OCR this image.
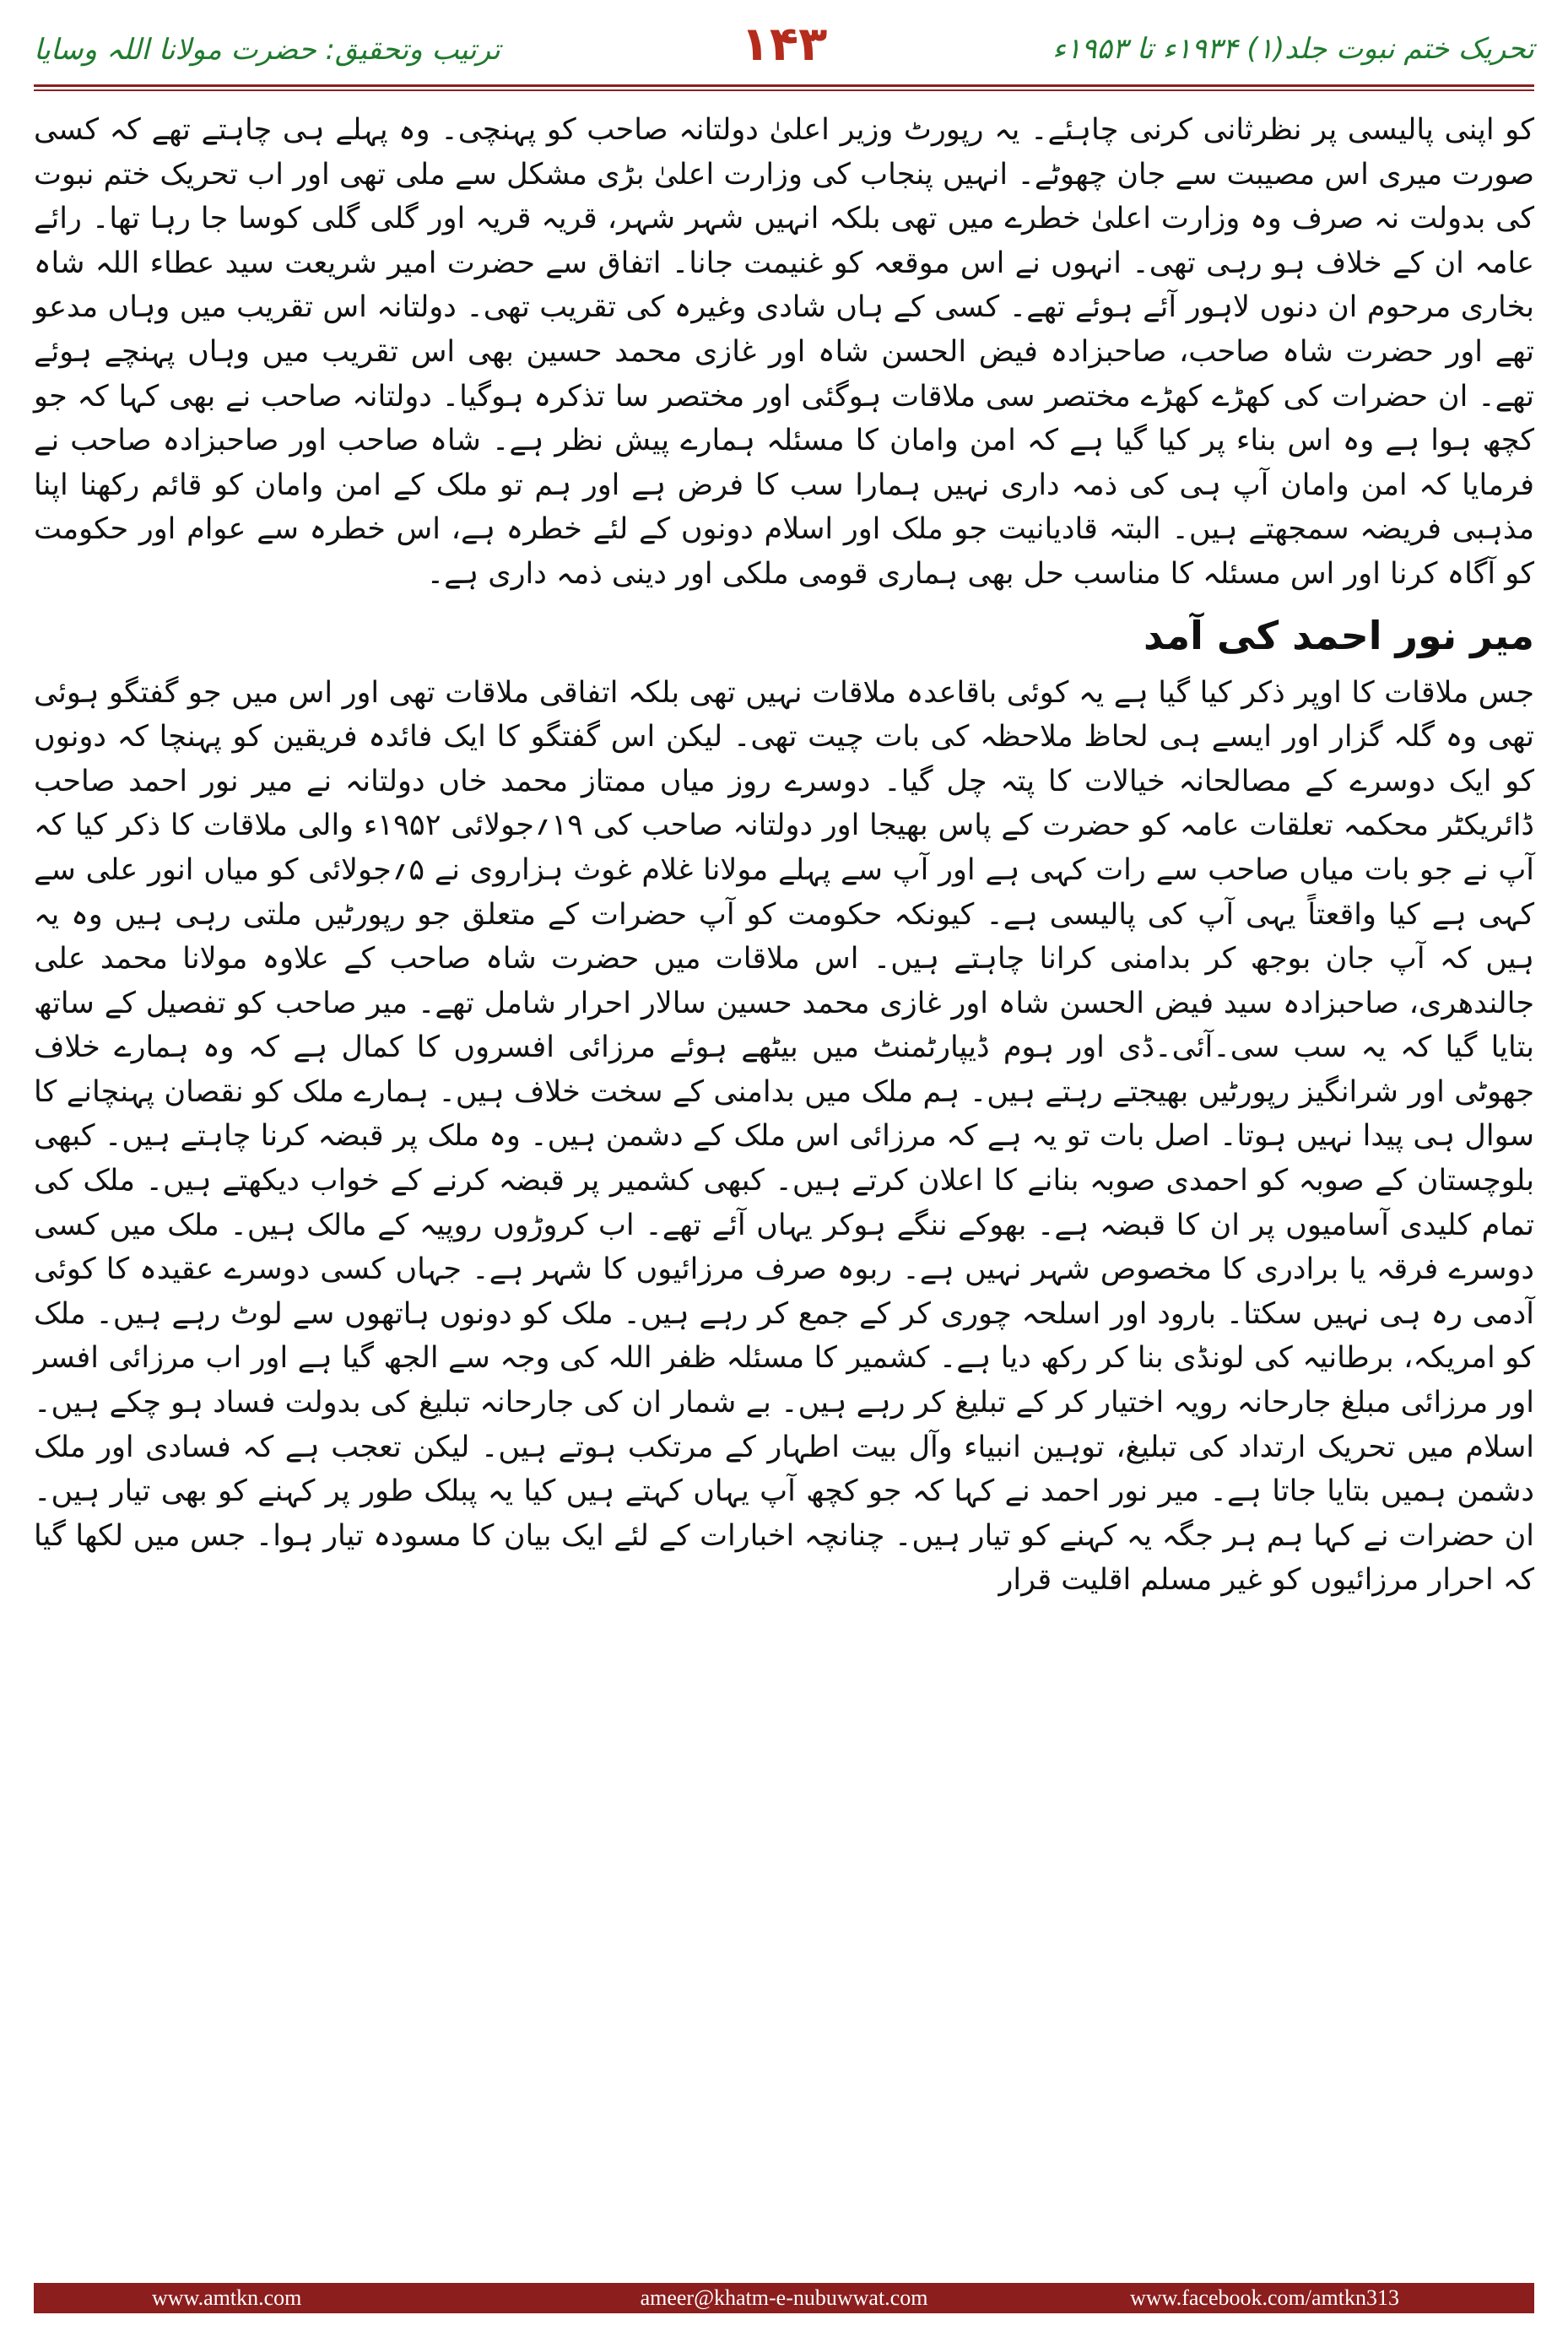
ترتیب وتحقیق: حضرت مولانا اللہ وسایا	۱۴۳	تحریک ختم نبوت جلد(۱) ۱۹۳۴ء تا ۱۹۵۳ء

کو اپنی پالیسی پر نظرثانی کرنی چاہئے۔ یہ رپورٹ وزیر اعلیٰ دولتانہ صاحب کو پہنچی۔ وہ پہلے ہی چاہتے تھے کہ کسی صورت میری اس مصیبت سے جان چھوٹے۔ انہیں پنجاب کی وزارت اعلیٰ بڑی مشکل سے ملی تھی اور اب تحریک ختم نبوت کی بدولت نہ صرف وہ وزارت اعلیٰ خطرے میں تھی بلکہ انہیں شہر شہر، قریہ قریہ اور گلی گلی کوسا جا رہا تھا۔ رائے عامہ ان کے خلاف ہو رہی تھی۔ انہوں نے اس موقعہ کو غنیمت جانا۔ اتفاق سے حضرت امیر شریعت سید عطاء اللہ شاہ بخاری مرحوم ان دنوں لاہور آئے ہوئے تھے۔ کسی کے ہاں شادی وغیرہ کی تقریب تھی۔ دولتانہ اس تقریب میں وہاں مدعو تھے اور حضرت شاہ صاحب، صاحبزادہ فیض الحسن شاہ اور غازی محمد حسین بھی اس تقریب میں وہاں پہنچے ہوئے تھے۔ ان حضرات کی کھڑے کھڑے مختصر سی ملاقات ہوگئی اور مختصر سا تذکرہ ہوگیا۔ دولتانہ صاحب نے بھی کہا کہ جو کچھ ہوا ہے وہ اس بناء پر کیا گیا ہے کہ امن وامان کا مسئلہ ہمارے پیش نظر ہے۔ شاہ صاحب اور صاحبزادہ صاحب نے فرمایا کہ امن وامان آپ ہی کی ذمہ داری نہیں ہمارا سب کا فرض ہے اور ہم تو ملک کے امن وامان کو قائم رکھنا اپنا مذہبی فریضہ سمجھتے ہیں۔ البتہ قادیانیت جو ملک اور اسلام دونوں کے لئے خطرہ ہے، اس خطرہ سے عوام اور حکومت کو آگاہ کرنا اور اس مسئلہ کا مناسب حل بھی ہماری قومی ملکی اور دینی ذمہ داری ہے۔

میر نور احمد کی آمد

جس ملاقات کا اوپر ذکر کیا گیا ہے یہ کوئی باقاعدہ ملاقات نہیں تھی بلکہ اتفاقی ملاقات تھی اور اس میں جو گفتگو ہوئی تھی وہ گلہ گزار اور ایسے ہی لحاظ ملاحظہ کی بات چیت تھی۔ لیکن اس گفتگو کا ایک فائدہ فریقین کو پہنچا کہ دونوں کو ایک دوسرے کے مصالحانہ خیالات کا پتہ چل گیا۔ دوسرے روز میاں ممتاز محمد خاں دولتانہ نے میر نور احمد صاحب ڈائریکٹر محکمہ تعلقات عامہ کو حضرت کے پاس بھیجا اور دولتانہ صاحب کی ۱۹؍جولائی ۱۹۵۲ء والی ملاقات کا ذکر کیا کہ آپ نے جو بات میاں صاحب سے رات کہی ہے اور آپ سے پہلے مولانا غلام غوث ہزاروی نے ۵؍جولائی کو میاں انور علی سے کہی ہے کیا واقعتاً یہی آپ کی پالیسی ہے۔ کیونکہ حکومت کو آپ حضرات کے متعلق جو رپورٹیں ملتی رہی ہیں وہ یہ ہیں کہ آپ جان بوجھ کر بدامنی کرانا چاہتے ہیں۔ اس ملاقات میں حضرت شاہ صاحب کے علاوہ مولانا محمد علی جالندھری، صاحبزادہ سید فیض الحسن شاہ اور غازی محمد حسین سالار احرار شامل تھے۔ میر صاحب کو تفصیل کے ساتھ بتایا گیا کہ یہ سب سی۔آئی۔ڈی اور ہوم ڈیپارٹمنٹ میں بیٹھے ہوئے مرزائی افسروں کا کمال ہے کہ وہ ہمارے خلاف جھوٹی اور شرانگیز رپورٹیں بھیجتے رہتے ہیں۔ ہم ملک میں بدامنی کے سخت خلاف ہیں۔ ہمارے ملک کو نقصان پہنچانے کا سوال ہی پیدا نہیں ہوتا۔ اصل بات تو یہ ہے کہ مرزائی اس ملک کے دشمن ہیں۔ وہ ملک پر قبضہ کرنا چاہتے ہیں۔ کبھی بلوچستان کے صوبہ کو احمدی صوبہ بنانے کا اعلان کرتے ہیں۔ کبھی کشمیر پر قبضہ کرنے کے خواب دیکھتے ہیں۔ ملک کی تمام کلیدی آسامیوں پر ان کا قبضہ ہے۔ بھوکے ننگے ہوکر یہاں آئے تھے۔ اب کروڑوں روپیہ کے مالک ہیں۔ ملک میں کسی دوسرے فرقہ یا برادری کا مخصوص شہر نہیں ہے۔ ربوہ صرف مرزائیوں کا شہر ہے۔ جہاں کسی دوسرے عقیدہ کا کوئی آدمی رہ ہی نہیں سکتا۔ بارود اور اسلحہ چوری کر کے جمع کر رہے ہیں۔ ملک کو دونوں ہاتھوں سے لوٹ رہے ہیں۔ ملک کو امریکہ، برطانیہ کی لونڈی بنا کر رکھ دیا ہے۔ کشمیر کا مسئلہ ظفر اللہ کی وجہ سے الجھ گیا ہے اور اب مرزائی افسر اور مرزائی مبلغ جارحانہ رویہ اختیار کر کے تبلیغ کر رہے ہیں۔ بے شمار ان کی جارحانہ تبلیغ کی بدولت فساد ہو چکے ہیں۔ اسلام میں تحریک ارتداد کی تبلیغ، توہین انبیاء وآل بیت اطہار کے مرتکب ہوتے ہیں۔ لیکن تعجب ہے کہ فسادی اور ملک دشمن ہمیں بتایا جاتا ہے۔ میر نور احمد نے کہا کہ جو کچھ آپ یہاں کہتے ہیں کیا یہ پبلک طور پر کہنے کو بھی تیار ہیں۔ ان حضرات نے کہا ہم ہر جگہ یہ کہنے کو تیار ہیں۔ چنانچہ اخبارات کے لئے ایک بیان کا مسودہ تیار ہوا۔ جس میں لکھا گیا کہ احرار مرزائیوں کو غیر مسلم اقلیت قرار

www.amtkn.com	ameer@khatm-e-nubuwwat.com	www.facebook.com/amtkn313
